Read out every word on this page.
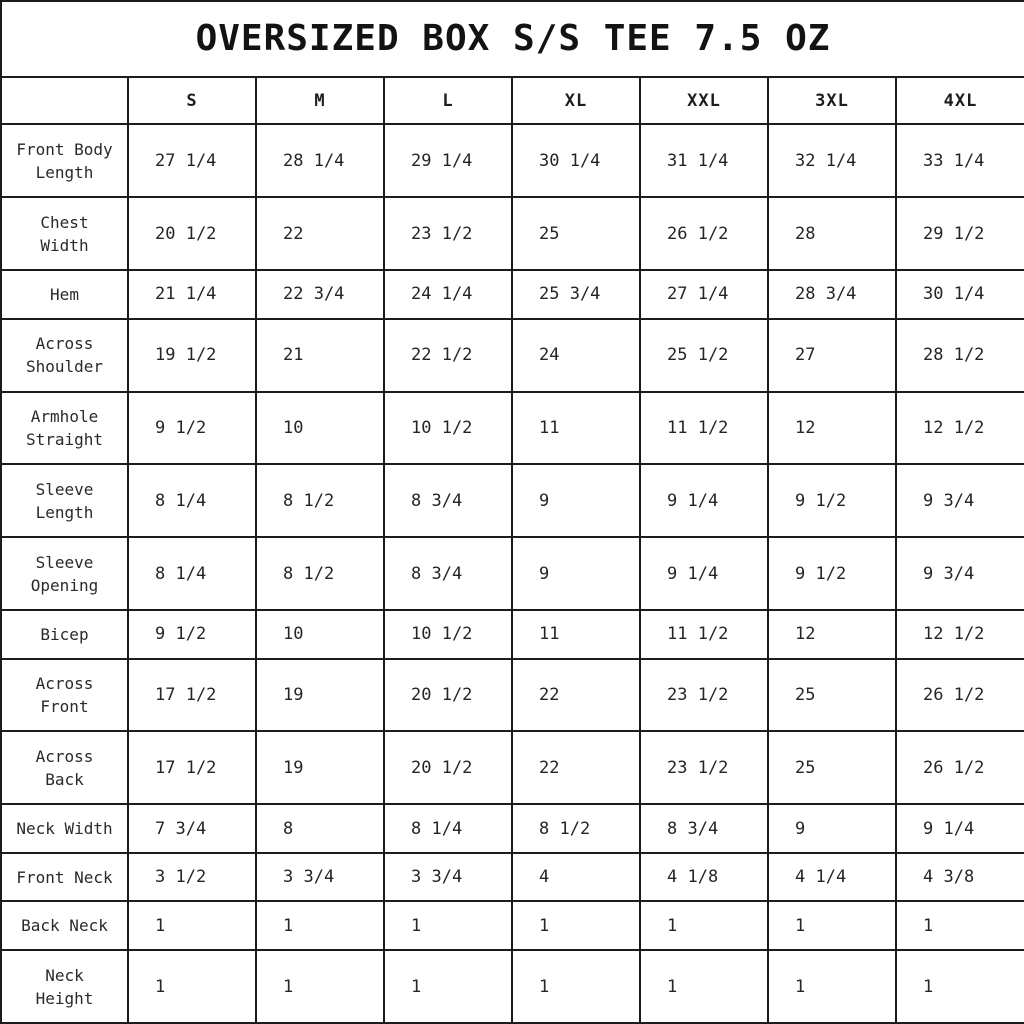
OVERSIZED BOX S/S TEE 7.5 OZ							
	S	M	L	XL	XXL	3XL	4XL
Front Body Length	27 1/4	28 1/4	29 1/4	30 1/4	31 1/4	32 1/4	33 1/4
Chest Width	20 1/2	22	23 1/2	25	26 1/2	28	29 1/2
Hem	21 1/4	22 3/4	24 1/4	25 3/4	27 1/4	28 3/4	30 1/4
Across Shoulder	19 1/2	21	22 1/2	24	25 1/2	27	28 1/2
Armhole Straight	9 1/2	10	10 1/2	11	11 1/2	12	12 1/2
Sleeve Length	8 1/4	8 1/2	8 3/4	9	9 1/4	9 1/2	9 3/4
Sleeve Opening	8 1/4	8 1/2	8 3/4	9	9 1/4	9 1/2	9 3/4
Bicep	9 1/2	10	10 1/2	11	11 1/2	12	12 1/2
Across Front	17 1/2	19	20 1/2	22	23 1/2	25	26 1/2
Across Back	17 1/2	19	20 1/2	22	23 1/2	25	26 1/2
Neck Width	7 3/4	8	8 1/4	8 1/2	8 3/4	9	9 1/4
Front Neck	3 1/2	3 3/4	3 3/4	4	4 1/8	4 1/4	4 3/8
Back Neck	1	1	1	1	1	1	1
Neck Height	1	1	1	1	1	1	1
